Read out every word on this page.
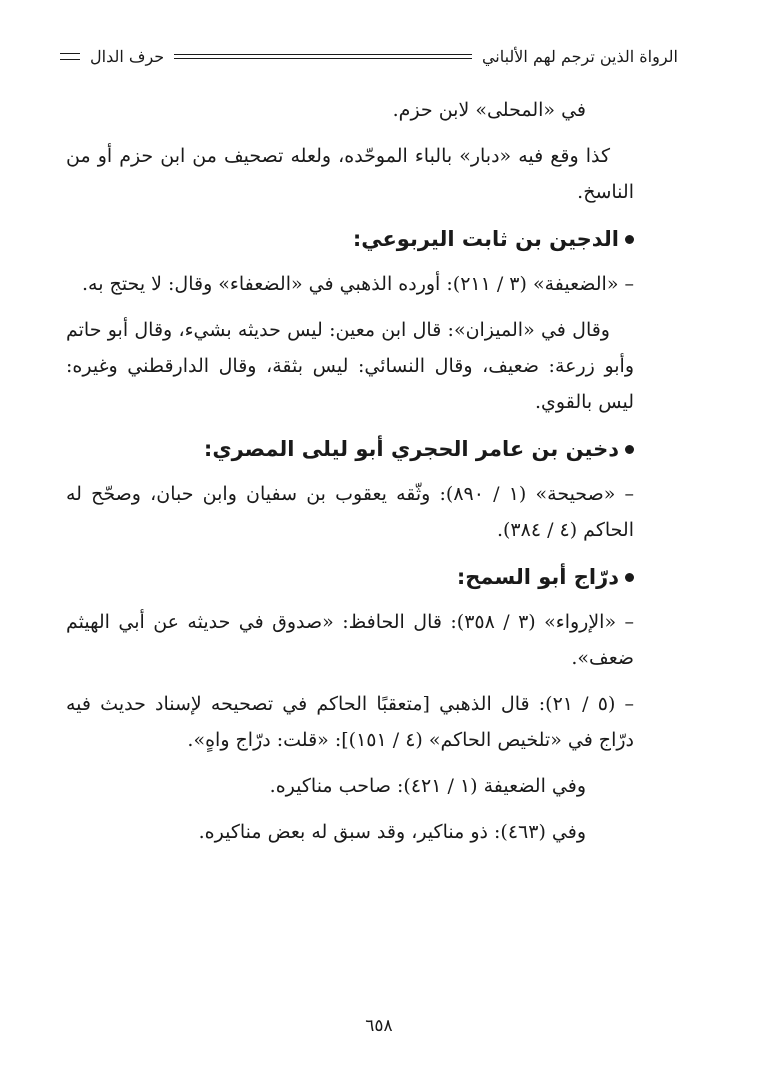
الرواة الذين ترجم لهم الألباني
حرف الدال

في «المحلى» لابن حزم.

كذا وقع فيه «دبار» بالباء الموحّده، ولعله تصحيف من ابن حزم أو من الناسخ.

الدجين بن ثابت اليربوعي:

– «الضعيفة» (٣ / ٢١١): أورده الذهبي في «الضعفاء» وقال: لا يحتج به.

وقال في «الميزان»: قال ابن معين: ليس حديثه بشيء، وقال أبو حاتم وأبو زرعة: ضعيف، وقال النسائي: ليس بثقة، وقال الدارقطني وغيره: ليس بالقوي.

دخين بن عامر الحجري أبو ليلى المصري:

– «صحيحة» (١ / ٨٩٠): وثّقه يعقوب بن سفيان وابن حبان، وصحّح له الحاكم (٤ / ٣٨٤).

درّاج أبو السمح:

– «الإرواء» (٣ / ٣٥٨): قال الحافظ: «صدوق في حديثه عن أبي الهيثم ضعف».

– (٥ / ٢١): قال الذهبي [متعقبًا الحاكم في تصحيحه لإسناد حديث فيه درّاج في «تلخيص الحاكم» (٤ / ١٥١)]: «قلت: درّاج واهٍ».

وفي الضعيفة (١ / ٤٢١): صاحب مناكيره.

وفي (٤٦٣): ذو مناكير، وقد سبق له بعض مناكيره.

٦٥٨
